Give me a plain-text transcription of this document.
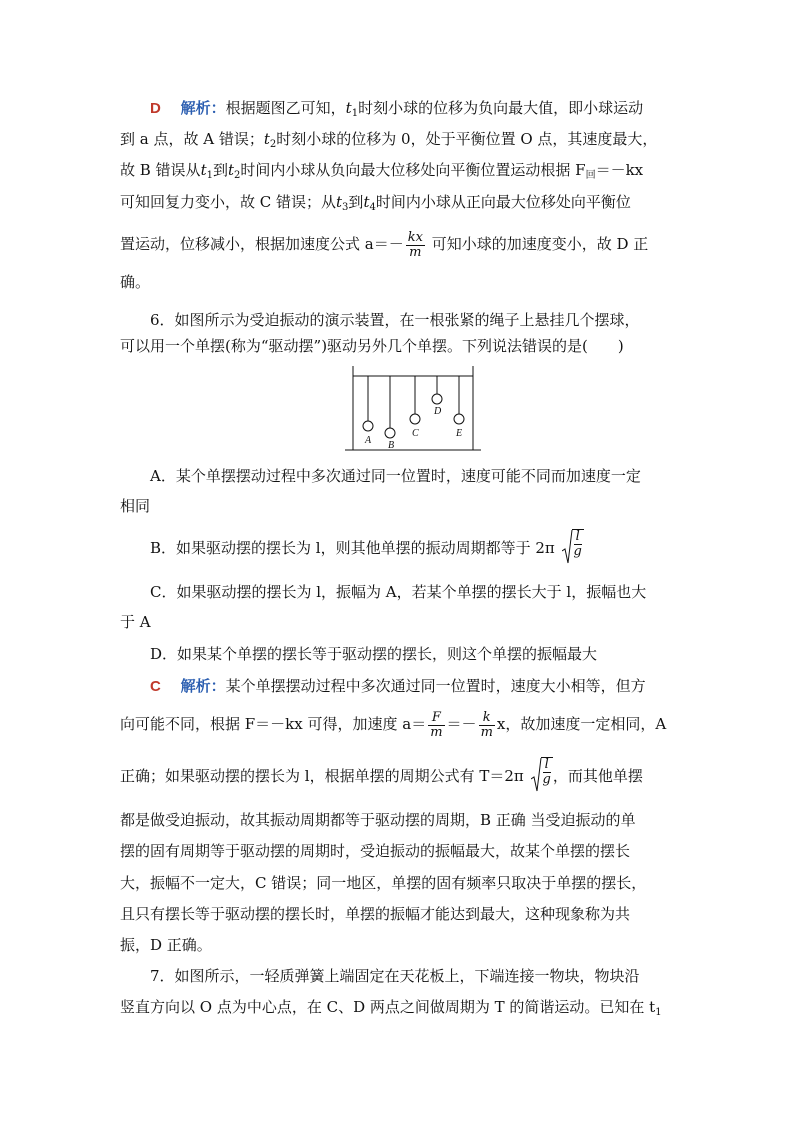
D　 解析：根据题图乙可知，$t_1$时刻小球的位移为负向最大值，即小球运动
到 a 点，故 A 错误；$t_2$时刻小球的位移为 0，处于平衡位置 O 点，其速度最大，
故 B 错误从$t_1$到$t_2$时间内小球从负向最大位移处向平衡位置运动根据 $F_回=-kx$
可知回复力变小，故 C 错误；从$t_3$到$t_4$时间内小球从正向最大位移处向平衡位
置运动，位移减小，根据加速度公式 $a=- \frac{kx}{m}$ 可知小球的加速度变小，故 D 正
确。
6．如图所示为受迫振动的演示装置，在一根张紧的绳子上悬挂几个摆球，
可以用一个单摆(称为“驱动摆”)驱动另外几个单摆。下列说法错误的是(　　)
A B
C
D
E
A．某个单摆摆动过程中多次通过同一位置时，速度可能不同而加速度一定
相同
B．如果驱动摆的摆长为 l，则其他单摆的振动周期都等于 $2\pi \frac{l}{g}$
C．如果驱动摆的摆长为 l，振幅为 A，若某个单摆的摆长大于 l，振幅也大
于 A
D．如果某个单摆的摆长等于驱动摆的摆长，则这个单摆的振幅最大
C　 解析：某个单摆摆动过程中多次通过同一位置时，速度大小相等，但方
向可能不同，根据 F＝－kx 可得，加速度 $a= \frac{F}{m} =- \frac{k}{m}$ x，故加速度一定相同，A
正确；如果驱动摆的摆长为 l，根据单摆的周期公式有 $T=2\pi \frac{l}{g}$ ，而其他单摆
都是做受迫振动，故其振动周期都等于驱动摆的周期，B 正确 当受迫振动的单
摆的固有周期等于驱动摆的周期时，受迫振动的振幅最大，故某个单摆的摆长
大，振幅不一定大，C 错误；同一地区，单摆的固有频率只取决于单摆的摆长，
且只有摆长等于驱动摆的摆长时，单摆的振幅才能达到最大，这种现象称为共
振，D 正确。
7．如图所示，一轻质弹簧上端固定在天花板上，下端连接一物块，物块沿
竖直方向以 O 点为中心点，在 C、D 两点之间做周期为 T 的简谐运动。已知在 $t_1$
